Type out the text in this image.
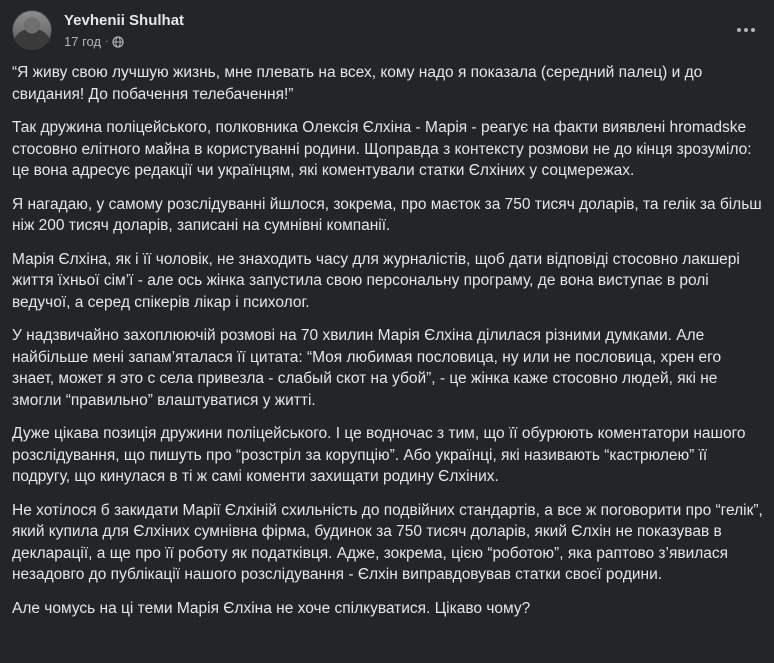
Yevhenii Shulhat
17 год ·

“Я живу свою лучшую жизнь, мне плевать на всех, кому надо я показала (середний палец) и до свидания! До побачення телебачення!”

Так дружина поліцейського, полковника Олексія Єлхіна - Марія - реагує на факти виявлені hromadske стосовно елітного майна в користуванні родини. Щоправда з контексту розмови не до кінця зрозуміло: це вона адресує редакції чи українцям, які коментували статки Єлхіних у соцмережах.

Я нагадаю, у самому розслідуванні йшлося, зокрема, про маєток за 750 тисяч доларів, та гелік за більш ніж 200 тисяч доларів, записані на сумнівні компанії.

Марія Єлхіна, як і її чоловік, не знаходить часу для журналістів, щоб дати відповіді стосовно лакшері життя їхньої сім’ї - але ось жінка запустила свою персональну програму, де вона виступає в ролі ведучої, а серед спікерів лікар і психолог.

У надзвичайно захоплюючій розмові на 70 хвилин Марія Єлхіна ділилася різними думками. Але найбільше мені запам’яталася її цитата: “Моя любимая пословица, ну или не пословица, хрен его знает, может я это с села привезла - слабый скот на убой”, - це жінка каже стосовно людей, які не змогли “правильно” влаштуватися у житті.

Дуже цікава позиція дружини поліцейського. І це водночас з тим, що її обурюють коментатори нашого розслідування, що пишуть про “розстріл за корупцію”. Або українці, які називають “кастрюлею” її подругу, що кинулася в ті ж самі коменти захищати родину Єлхіних.

Не хотілося б закидати Марії Єлхіній схильність до подвійних стандартів, а все ж поговорити про “гелік”, який купила для Єлхіних сумнівна фірма, будинок за 750 тисяч доларів, який Єлхін не показував в декларації, а ще про її роботу як податківця. Адже, зокрема, цією “роботою”, яка раптово з’явилася незадовго до публікації нашого розслідування - Єлхін виправдовував статки своєї родини.

Але чомусь на ці теми Марія Єлхіна не хоче спілкуватися. Цікаво чому?
